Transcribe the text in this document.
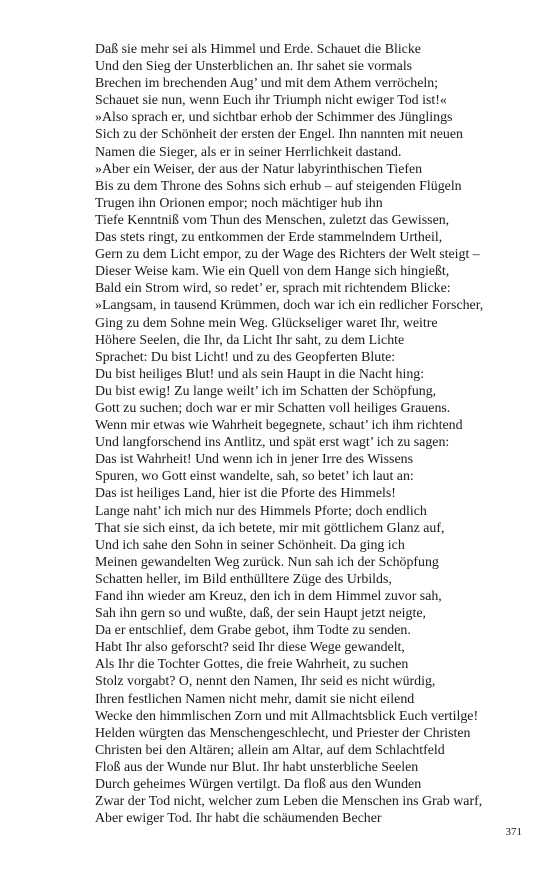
Daß sie mehr sei als Himmel und Erde. Schauet die Blicke
Und den Sieg der Unsterblichen an. Ihr sahet sie vormals
Brechen im brechenden Aug’ und mit dem Athem verröcheln;
Schauet sie nun, wenn Euch ihr Triumph nicht ewiger Tod ist!«
»Also sprach er, und sichtbar erhob der Schimmer des Jünglings
Sich zu der Schönheit der ersten der Engel. Ihn nannten mit neuen
Namen die Sieger, als er in seiner Herrlichkeit dastand.
»Aber ein Weiser, der aus der Natur labyrinthischen Tiefen
Bis zu dem Throne des Sohns sich erhub – auf steigenden Flügeln
Trugen ihn Orionen empor; noch mächtiger hub ihn
Tiefe Kenntniß vom Thun des Menschen, zuletzt das Gewissen,
Das stets ringt, zu entkommen der Erde stammelndem Urtheil,
Gern zu dem Licht empor, zu der Wage des Richters der Welt steigt –
Dieser Weise kam. Wie ein Quell von dem Hange sich hingießt,
Bald ein Strom wird, so redet’ er, sprach mit richtendem Blicke:
»Langsam, in tausend Krümmen, doch war ich ein redlicher Forscher,
Ging zu dem Sohne mein Weg. Glückseliger waret Ihr, weitre
Höhere Seelen, die Ihr, da Licht Ihr saht, zu dem Lichte
Sprachet: Du bist Licht! und zu des Geopferten Blute:
Du bist heiliges Blut! und als sein Haupt in die Nacht hing:
Du bist ewig! Zu lange weilt’ ich im Schatten der Schöpfung,
Gott zu suchen; doch war er mir Schatten voll heiliges Grauens.
Wenn mir etwas wie Wahrheit begegnete, schaut’ ich ihm richtend
Und langforschend ins Antlitz, und spät erst wagt’ ich zu sagen:
Das ist Wahrheit! Und wenn ich in jener Irre des Wissens
Spuren, wo Gott einst wandelte, sah, so betet’ ich laut an:
Das ist heiliges Land, hier ist die Pforte des Himmels!
Lange naht’ ich mich nur des Himmels Pforte; doch endlich
That sie sich einst, da ich betete, mir mit göttlichem Glanz auf,
Und ich sahe den Sohn in seiner Schönheit. Da ging ich
Meinen gewandelten Weg zurück. Nun sah ich der Schöpfung
Schatten heller, im Bild enthülltere Züge des Urbilds,
Fand ihn wieder am Kreuz, den ich in dem Himmel zuvor sah,
Sah ihn gern so und wußte, daß, der sein Haupt jetzt neigte,
Da er entschlief, dem Grabe gebot, ihm Todte zu senden.
Habt Ihr also geforscht? seid Ihr diese Wege gewandelt,
Als Ihr die Tochter Gottes, die freie Wahrheit, zu suchen
Stolz vorgabt? O, nennt den Namen, Ihr seid es nicht würdig,
Ihren festlichen Namen nicht mehr, damit sie nicht eilend
Wecke den himmlischen Zorn und mit Allmachtsblick Euch vertilge!
Helden würgten das Menschengeschlecht, und Priester der Christen
Christen bei den Altären; allein am Altar, auf dem Schlachtfeld
Floß aus der Wunde nur Blut. Ihr habt unsterbliche Seelen
Durch geheimes Würgen vertilgt. Da floß aus den Wunden
Zwar der Tod nicht, welcher zum Leben die Menschen ins Grab warf,
Aber ewiger Tod. Ihr habt die schäumenden Becher
371
